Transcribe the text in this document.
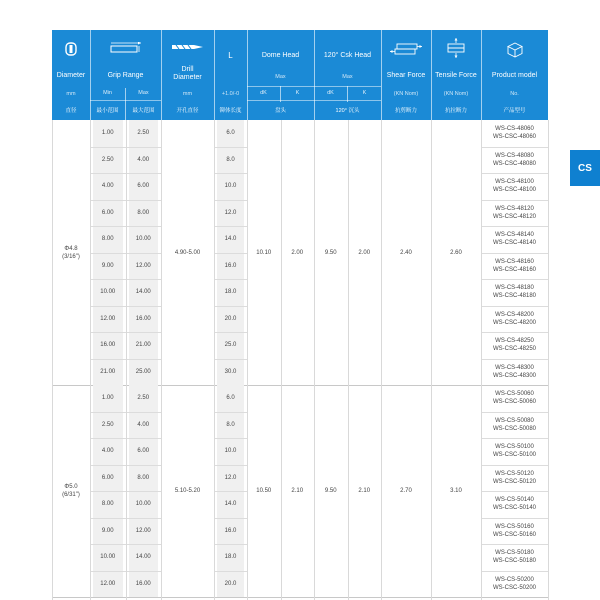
CS
Diameter
mm
直径
Grip Range
Min	Max
最小范围	最大范围
Drill Diameter
mm
开孔直径
L
+1.0/-0
铆体长度
Dome Head
Max
dK	K
盘头
120° Csk Head
Max
dK	K
120° 沉头
Shear Force
(KN Nom)
抗剪断力
Tensile Force
(KN Nom)
抗拉断力
Product model
No.
产品型号
Φ4.8
(3/16")
4.90-5.00	10.10	2.00	9.50	2.00	2.40	2.60
1.00	2.50	6.0
WS-CS-48060
WS-CSC-48060
2.50	4.00	8.0
WS-CS-48080
WS-CSC-48080
4.00	6.00	10.0
WS-CS-48100
WS-CSC-48100
6.00	8.00	12.0
WS-CS-48120
WS-CSC-48120
8.00	10.00	14.0
WS-CS-48140
WS-CSC-48140
9.00	12.00	16.0
WS-CS-48160
WS-CSC-48160
10.00	14.00	18.0
WS-CS-48180
WS-CSC-48180
12.00	16.00	20.0
WS-CS-48200
WS-CSC-48200
16.00	21.00	25.0
WS-CS-48250
WS-CSC-48250
21.00	25.00	30.0
WS-CS-48300
WS-CSC-48300
Φ5.0
(6/31")
5.10-5.20	10.50	2.10	9.50	2.10	2.70	3.10
1.00	2.50	6.0
WS-CS-50060
WS-CSC-50060
2.50	4.00	8.0
WS-CS-50080
WS-CSC-50080
4.00	6.00	10.0
WS-CS-50100
WS-CSC-50100
6.00	8.00	12.0
WS-CS-50120
WS-CSC-50120
8.00	10.00	14.0
WS-CS-50140
WS-CSC-50140
9.00	12.00	16.0
WS-CS-50160
WS-CSC-50160
10.00	14.00	18.0
WS-CS-50180
WS-CSC-50180
12.00	16.00	20.0
WS-CS-50200
WS-CSC-50200
